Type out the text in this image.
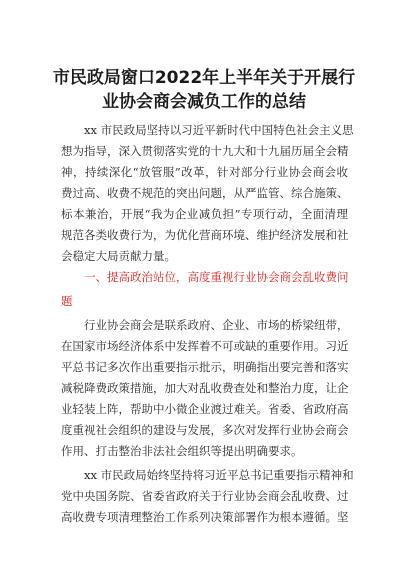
市民政局窗口2022年上半年关于开展行
业协会商会减负工作的总结
xx 市民政局坚持以习近平新时代中国特色社会主义思
想为指导，深入贯彻落实党的十九大和十九届历届全会精
神，持续深化“放管服”改革，针对部分行业协会商会收
费过高、收费不规范的突出问题，从严监管、综合施策、
标本兼治，开展“我为企业减负担”专项行动，全面清理
规范各类收费行为，为优化营商环境、维护经济发展和社
会稳定大局贡献力量。
一、提高政治站位，高度重视行业协会商会乱收费问
题
行业协会商会是联系政府、企业、市场的桥梁纽带，
在国家市场经济体系中发挥着不可或缺的重要作用。习近
平总书记多次作出重要指示批示，明确指出要完善和落实
减税降费政策措施，加大对乱收费查处和整治力度，让企
业轻装上阵，帮助中小微企业渡过难关。省委、省政府高
度重视社会组织的建设与发展，多次对发挥行业协会商会
作用、打击整治非法社会组织等提出明确要求。
xx 市民政局始终坚持将习近平总书记重要指示精神和
党中央国务院、省委省政府关于行业协会商会乱收费、过
高收费专项清理整治工作系列决策部署作为根本遵循。坚
